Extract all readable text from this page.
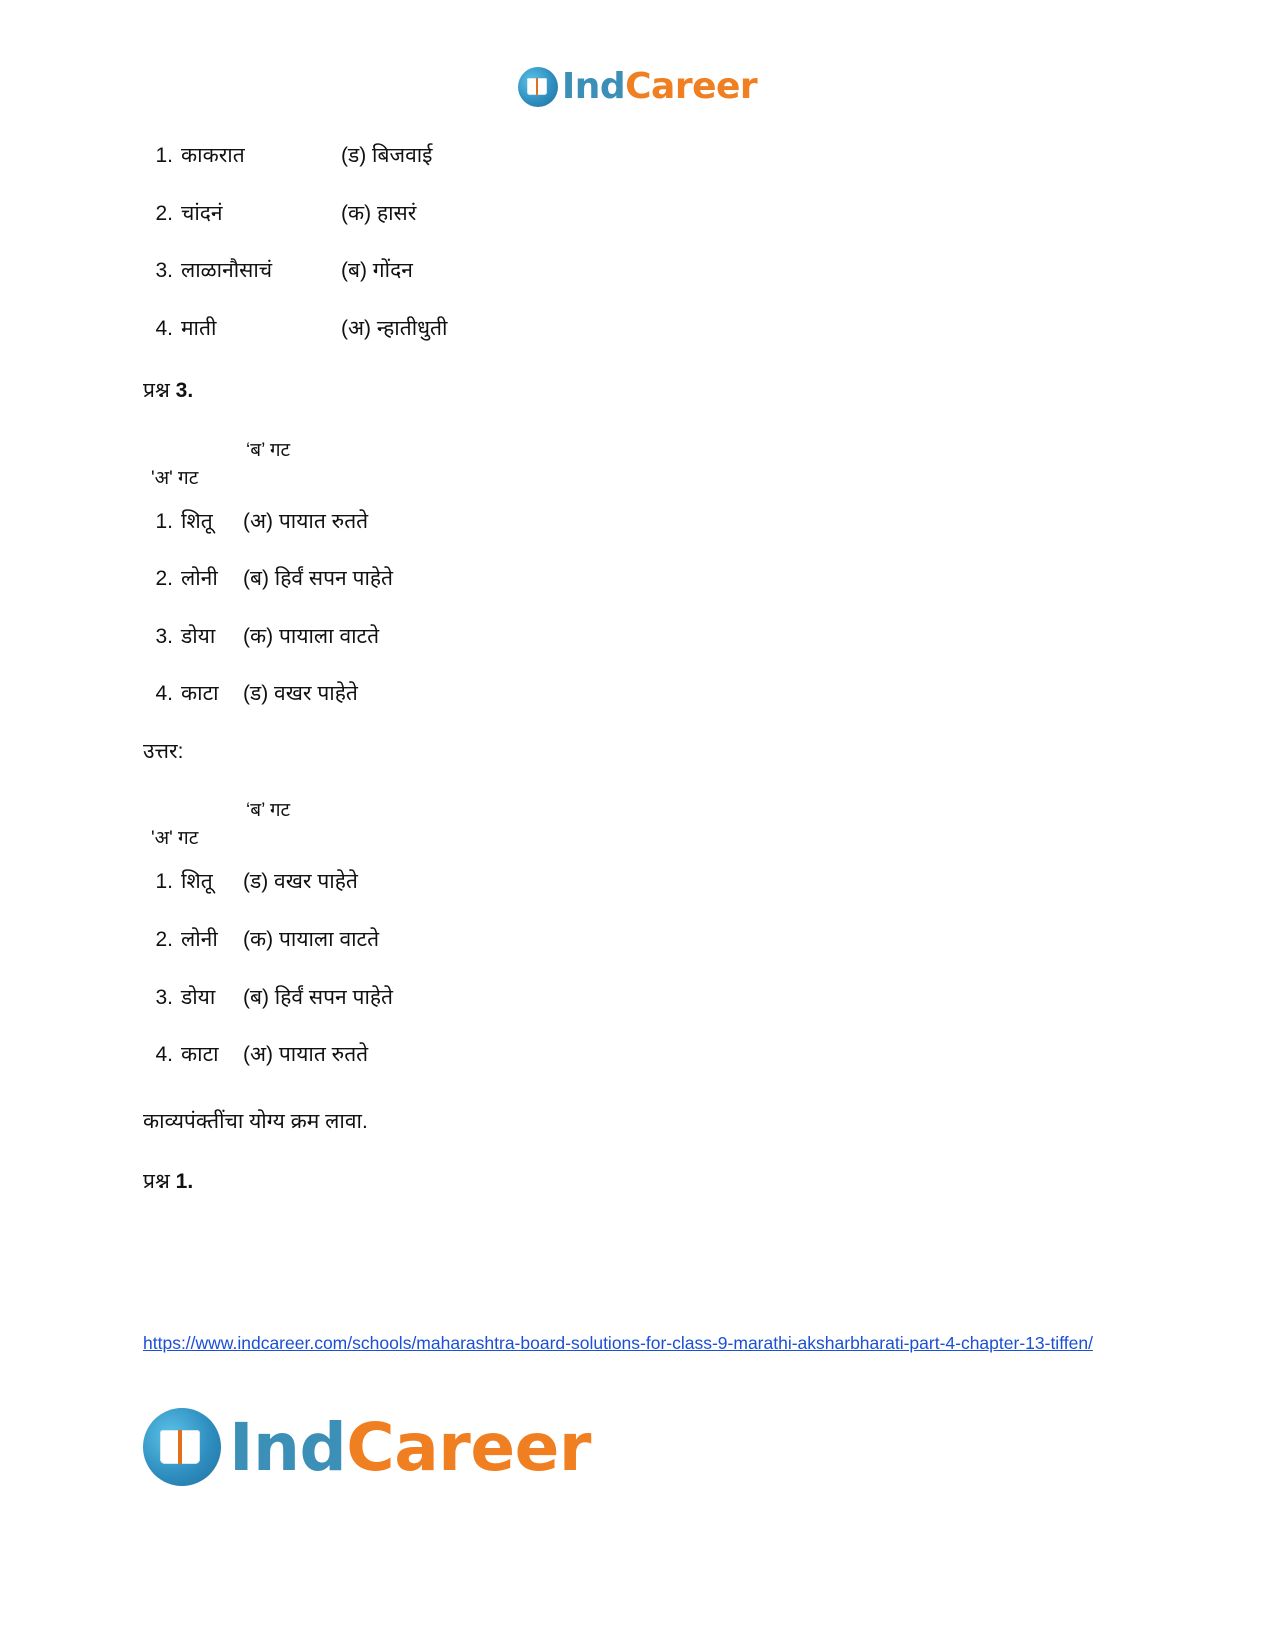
IndCareer
1. काकरात	(ड) बिजवाई
2. चांदनं	(क) हासरं
3. लाळानौसाचं	(ब) गोंदन
4. माती	(अ) न्हातीधुती

प्रश्न 3.

‘ब’ गट
'अ' गट
1. शितू	(अ) पायात रुतते
2. लोनी	(ब) हिर्वं सपन पाहेते
3. डोया	(क) पायाला वाटते
4. काटा	(ड) वखर पाहेते

उत्तर:

‘ब’ गट
'अ' गट
1. शितू	(ड) वखर पाहेते
2. लोनी	(क) पायाला वाटते
3. डोया	(ब) हिर्वं सपन पाहेते
4. काटा	(अ) पायात रुतते

काव्यपंक्तींचा योग्य क्रम लावा.

प्रश्न 1.

https://www.indcareer.com/schools/maharashtra-board-solutions-for-class-9-marathi-aksharbharati-part-4-chapter-13-tiffen/
IndCareer
